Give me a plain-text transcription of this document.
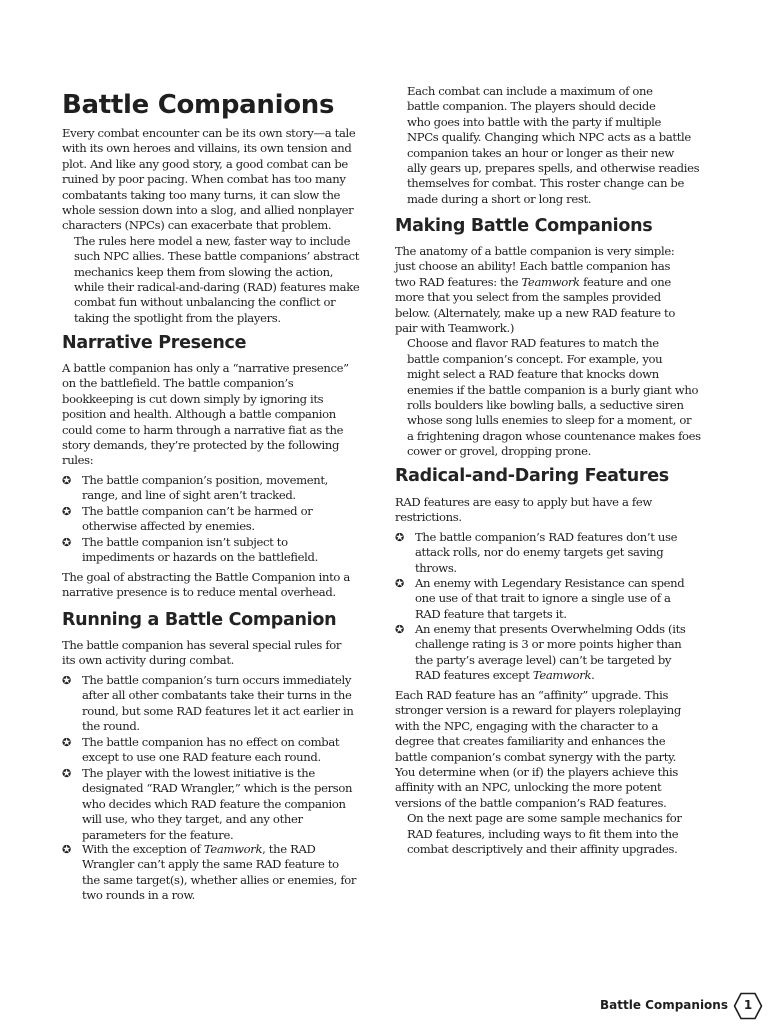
Battle Companions
Every combat encounter can be its own story—a tale
with its own heroes and villains, its own tension and
plot. And like any good story, a good combat can be
ruined by poor pacing. When combat has too many
combatants taking too many turns, it can slow the
whole session down into a slog, and allied nonplayer
characters (NPCs) can exacerbate that problem.
The rules here model a new, faster way to include
such NPC allies. These battle companions’ abstract
mechanics keep them from slowing the action,
while their radical-and-daring (RAD) features make
combat fun without unbalancing the conflict or
taking the spotlight from the players.
Narrative Presence
A battle companion has only a “narrative presence”
on the battlefield. The battle companion’s
bookkeeping is cut down simply by ignoring its
position and health. Although a battle companion
could come to harm through a narrative fiat as the
story demands, they’re protected by the following
rules:
✪ The battle companion’s position, movement,
range, and line of sight aren’t tracked.
✪ The battle companion can’t be harmed or
otherwise affected by enemies.
✪ The battle companion isn’t subject to
impediments or hazards on the battlefield.
The goal of abstracting the Battle Companion into a
narrative presence is to reduce mental overhead.
Running a Battle Companion
The battle companion has several special rules for
its own activity during combat.
✪ The battle companion’s turn occurs immediately
after all other combatants take their turns in the
round, but some RAD features let it act earlier in
the round.
✪ The battle companion has no effect on combat
except to use one RAD feature each round.
✪ The player with the lowest initiative is the
designated “RAD Wrangler,” which is the person
who decides which RAD feature the companion
will use, who they target, and any other
parameters for the feature.
✪ With the exception of Teamwork, the RAD
Wrangler can’t apply the same RAD feature to
the same target(s), whether allies or enemies, for
two rounds in a row.
Each combat can include a maximum of one
battle companion. The players should decide
who goes into battle with the party if multiple
NPCs qualify. Changing which NPC acts as a battle
companion takes an hour or longer as their new
ally gears up, prepares spells, and otherwise readies
themselves for combat. This roster change can be
made during a short or long rest.
Making Battle Companions
The anatomy of a battle companion is very simple:
just choose an ability! Each battle companion has
two RAD features: the Teamwork feature and one
more that you select from the samples provided
below. (Alternately, make up a new RAD feature to
pair with Teamwork.)
Choose and flavor RAD features to match the
battle companion’s concept. For example, you
might select a RAD feature that knocks down
enemies if the battle companion is a burly giant who
rolls boulders like bowling balls, a seductive siren
whose song lulls enemies to sleep for a moment, or
a frightening dragon whose countenance makes foes
cower or grovel, dropping prone.
Radical-and-Daring Features
RAD features are easy to apply but have a few
restrictions.
✪ The battle companion’s RAD features don’t use
attack rolls, nor do enemy targets get saving
throws.
✪ An enemy with Legendary Resistance can spend
one use of that trait to ignore a single use of a
RAD feature that targets it.
✪ An enemy that presents Overwhelming Odds (its
challenge rating is 3 or more points higher than
the party’s average level) can’t be targeted by
RAD features except Teamwork.
Each RAD feature has an “affinity” upgrade. This
stronger version is a reward for players roleplaying
with the NPC, engaging with the character to a
degree that creates familiarity and enhances the
battle companion’s combat synergy with the party.
You determine when (or if) the players achieve this
affinity with an NPC, unlocking the more potent
versions of the battle companion’s RAD features.
On the next page are some sample mechanics for
RAD features, including ways to fit them into the
combat descriptively and their affinity upgrades.
Battle Companions	1
